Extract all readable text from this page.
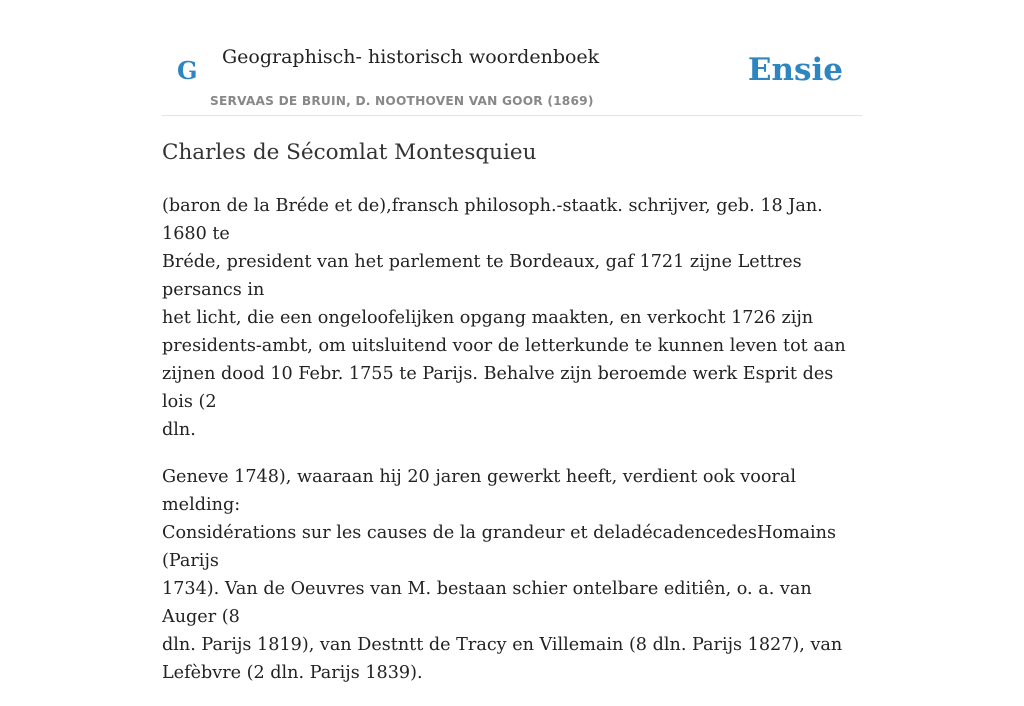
G Geographisch- historisch woordenboek
SERVAAS DE BRUIN, D. NOOTHOVEN VAN GOOR (1869)
Ensie
Charles de Sécomlat Montesquieu

(baron de la Bréde et de),fransch philosoph.-staatk. schrijver, geb. 18 Jan. 1680 te
Bréde, president van het parlement te Bordeaux, gaf 1721 zijne Lettres persancs in
het licht, die een ongeloofelijken opgang maakten, en verkocht 1726 zijn
presidents-ambt, om uitsluitend voor de letterkunde te kunnen leven tot aan
zijnen dood 10 Febr. 1755 te Parijs. Behalve zijn beroemde werk Esprit des lois (2
dln.

Geneve 1748), waaraan hij 20 jaren gewerkt heeft, verdient ook vooral melding:
Considérations sur les causes de la grandeur et deladécadencedesHomains (Parijs
1734). Van de Oeuvres van M. bestaan schier ontelbare editiên, o. a. van Auger (8
dln. Parijs 1819), van Destntt de Tracy en Villemain (8 dln. Parijs 1827), van
Lefèbvre (2 dln. Parijs 1839).
